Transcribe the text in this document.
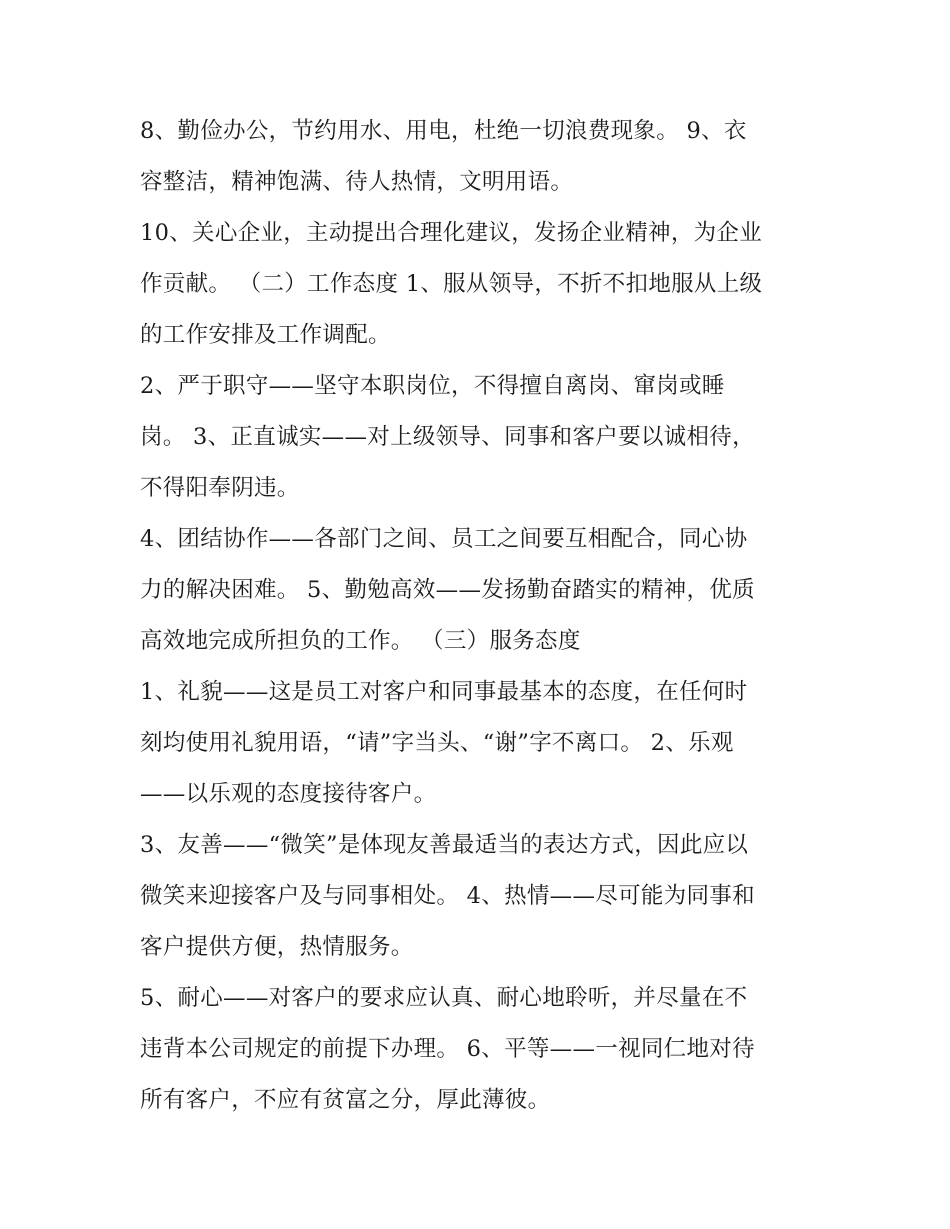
8、勤俭办公，节约用水、用电，杜绝一切浪费现象。 9、衣
容整洁，精神饱满、待人热情，文明用语。
10、关心企业，主动提出合理化建议，发扬企业精神，为企业
作贡献。 （二）工作态度 1、服从领导，不折不扣地服从上级
的工作安排及工作调配。
2、严于职守——坚守本职岗位，不得擅自离岗、窜岗或睡
岗。 3、正直诚实——对上级领导、同事和客户要以诚相待，
不得阳奉阴违。
4、团结协作——各部门之间、员工之间要互相配合，同心协
力的解决困难。 5、勤勉高效——发扬勤奋踏实的精神，优质
高效地完成所担负的工作。 （三）服务态度
1、礼貌——这是员工对客户和同事最基本的态度，在任何时
刻均使用礼貌用语，“请”字当头、“谢”字不离口。 2、乐观
——以乐观的态度接待客户。
3、友善——“微笑”是体现友善最适当的表达方式，因此应以
微笑来迎接客户及与同事相处。 4、热情——尽可能为同事和
客户提供方便，热情服务。
5、耐心——对客户的要求应认真、耐心地聆听，并尽量在不
违背本公司规定的前提下办理。 6、平等——一视同仁地对待
所有客户，不应有贫富之分，厚此薄彼。
